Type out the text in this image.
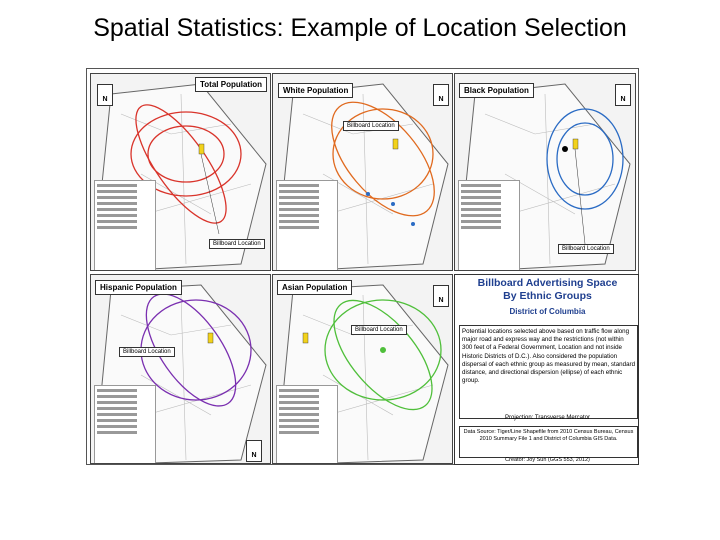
Spatial Statistics: Example of Location Selection
Total Population
N
Billboard Location
White Population
N
Billboard Location
Black Population
N
Billboard Location
Hispanic Population
Billboard Location
N
Asian Population
N
Billboard Location
Billboard Advertising Space
By Ethnic Groups
District of Columbia
Potential locations selected above based on traffic flow along major road and express way and the restrictions (not within 300 feet of a Federal Government, Location and not inside Historic Districts of D.C.). Also considered the population dispersal of each ethnic group as measured by mean, standard distance, and directional dispersion (ellipse) of each ethnic group.
Projection: Transverse Mercator
Data Source: Tiger/Line Shapefile from 2010 Census Bureau, Census 2010 Summary File 1 and District of Columbia GIS Data.
Creator: Joy Sun (GGS 553, 2012)
